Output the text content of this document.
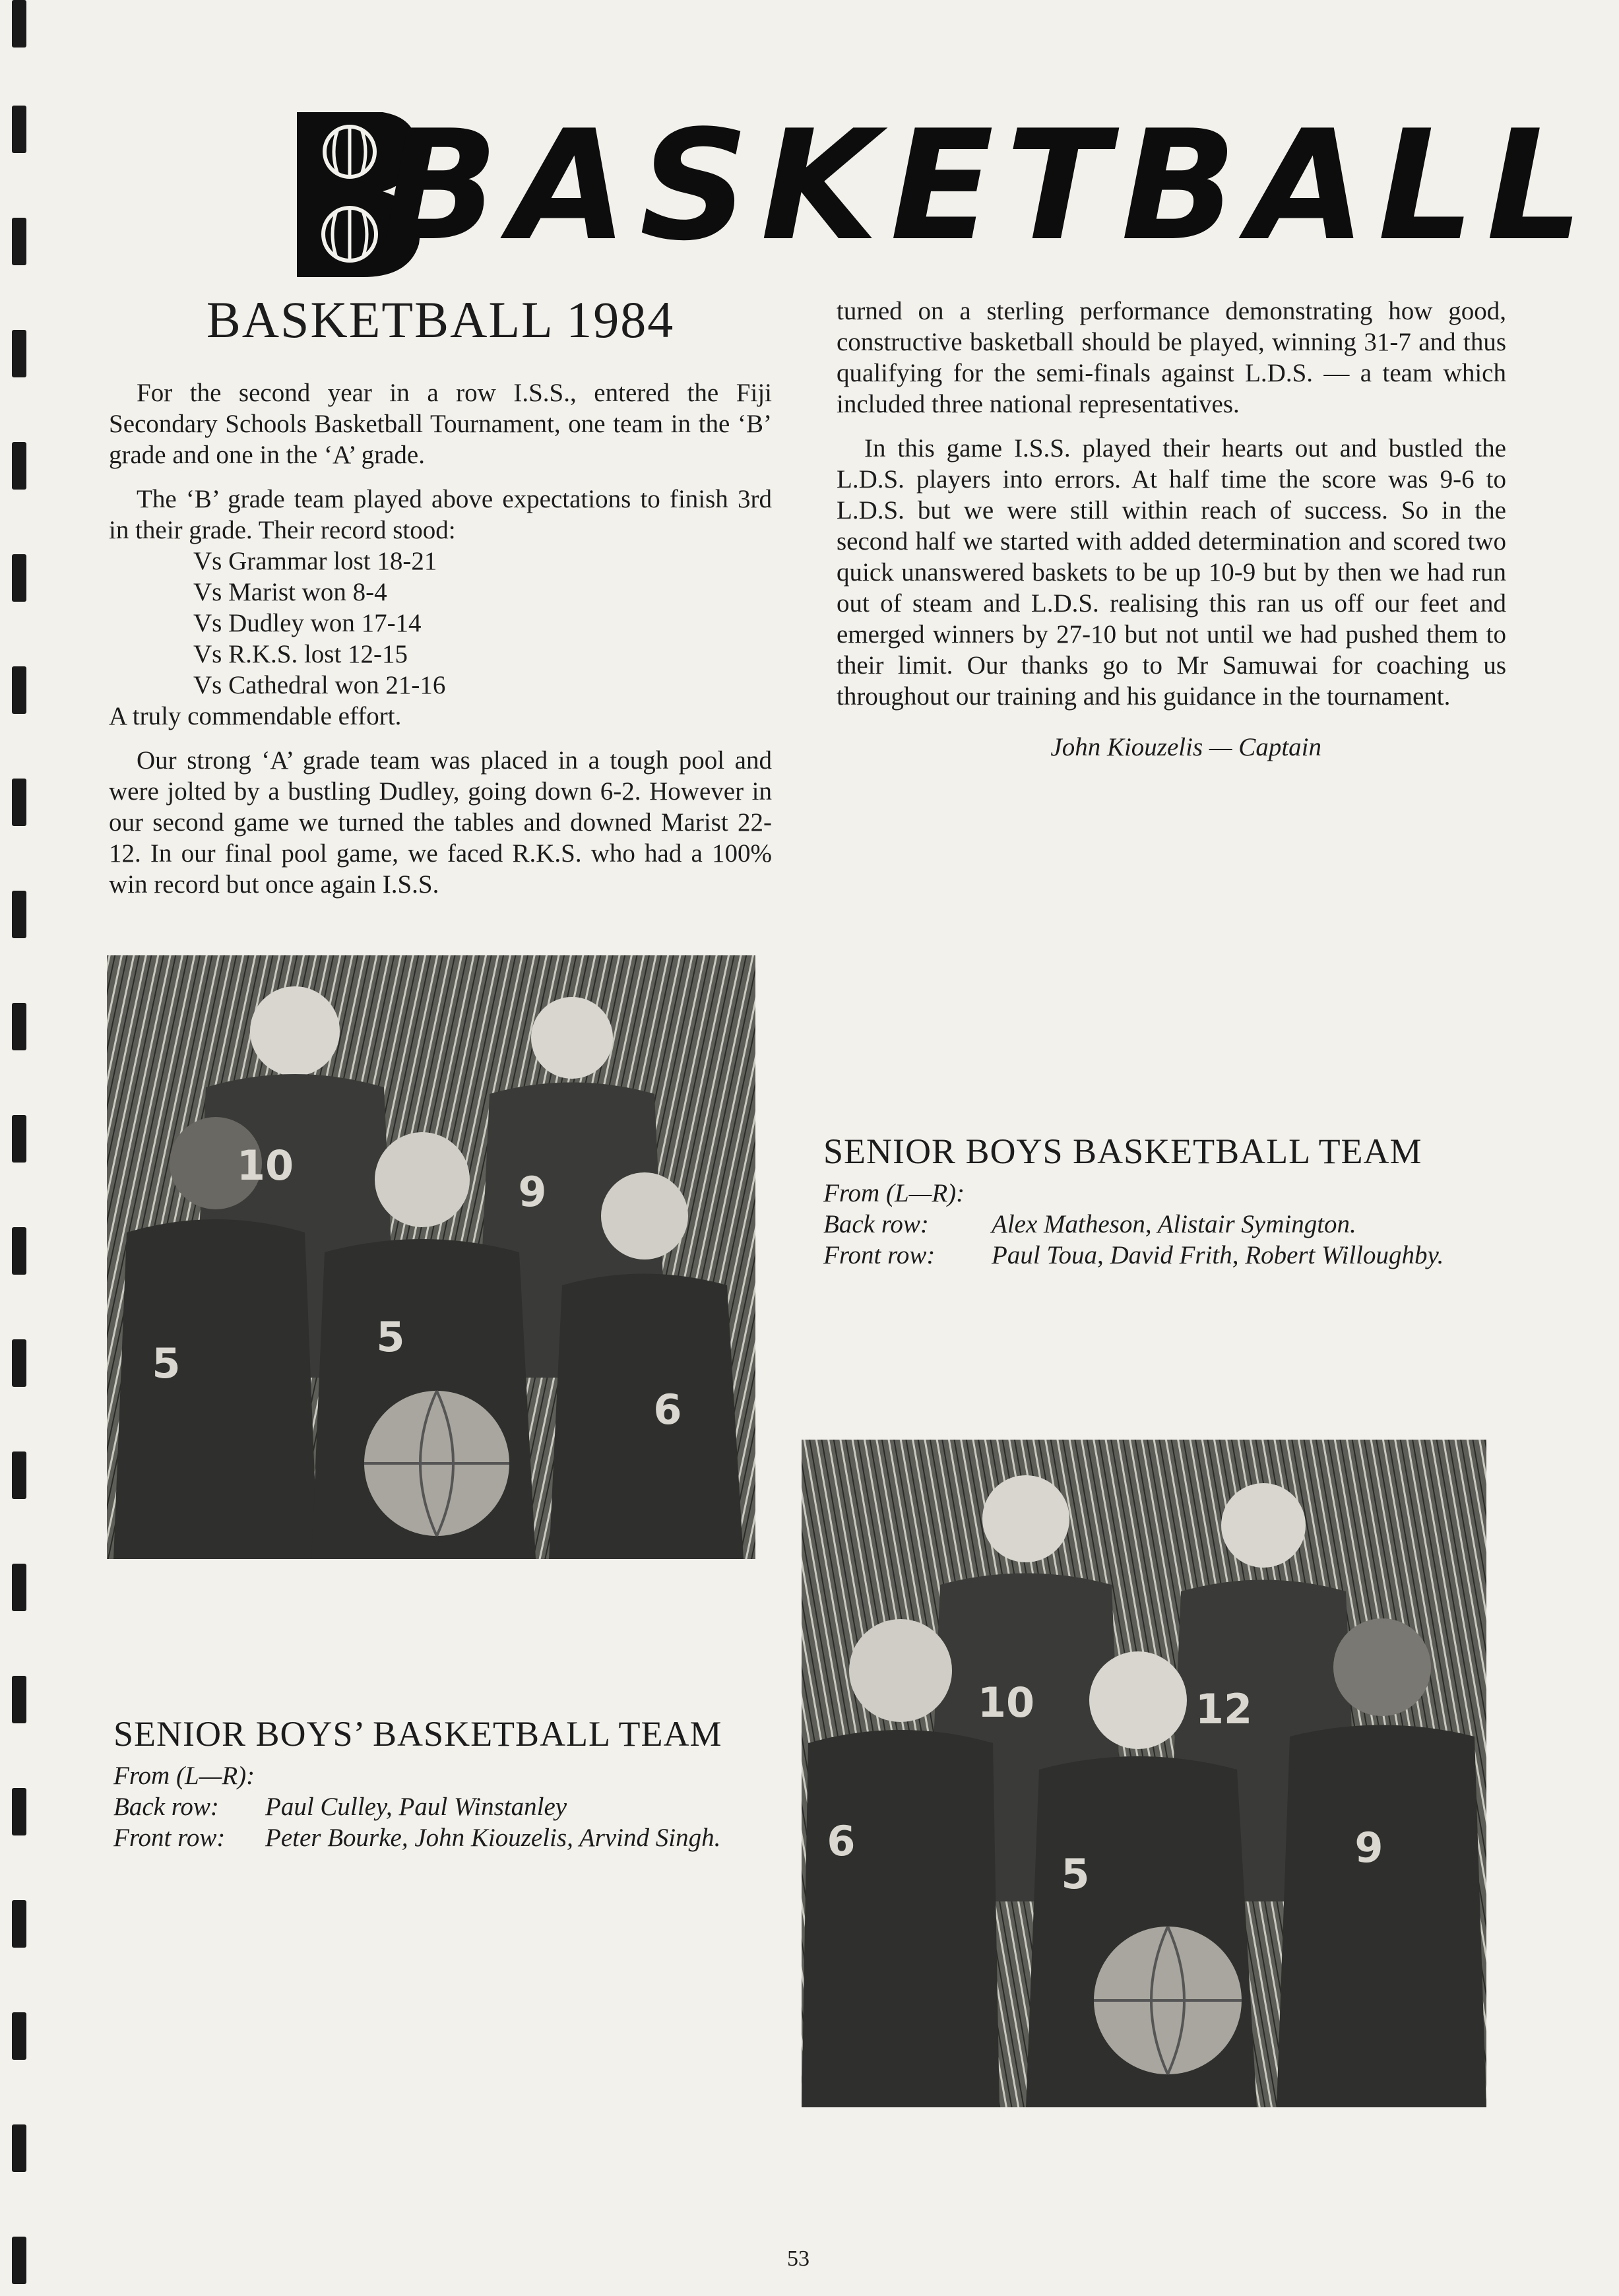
BASKETBALL
BASKETBALL 1984

For the second year in a row I.S.S., entered the Fiji Secondary Schools Basketball Tournament, one team in the ‘B’ grade and one in the ‘A’ grade.

The ‘B’ grade team played above expectations to finish 3rd in their grade. Their record stood:

Vs Grammar lost 18-21
Vs Marist won 8-4
Vs Dudley won 17-14
Vs R.K.S. lost 12-15
Vs Cathedral won 21-16

A truly commendable effort.

Our strong ‘A’ grade team was placed in a tough pool and were jolted by a bustling Dudley, going down 6-2. However in our second game we turned the tables and downed Marist 22-12. In our final pool game, we faced R.K.S. who had a 100% win record but once again I.S.S.

turned on a sterling performance demonstrating how good, constructive basketball should be played, winning 31-7 and thus qualifying for the semi-finals against L.D.S. — a team which included three national representatives.

In this game I.S.S. played their hearts out and bustled the L.D.S. players into errors. At half time the score was 9-6 to L.D.S. but we were still within reach of success. So in the second half we started with added determination and scored two quick unanswered baskets to be up 10-9 but by then we had run out of steam and L.D.S. realising this ran us off our feet and emerged winners by 27-10 but not until we had pushed them to their limit. Our thanks go to Mr Samuwai for coaching us throughout our training and his guidance in the tournament.

John Kiouzelis — Captain
10
9
5
5
6
10	12
6
5
9
SENIOR BOYS BASKETBALL TEAM
From (L—R):
Back row:	Alex Matheson, Alistair Symington.
Front row:	Paul Toua, David Frith, Robert Willoughby.
SENIOR BOYS’ BASKETBALL TEAM
From (L—R):
Back row:	Paul Culley, Paul Winstanley
Front row:	Peter Bourke, John Kiouzelis, Arvind Singh.
53
